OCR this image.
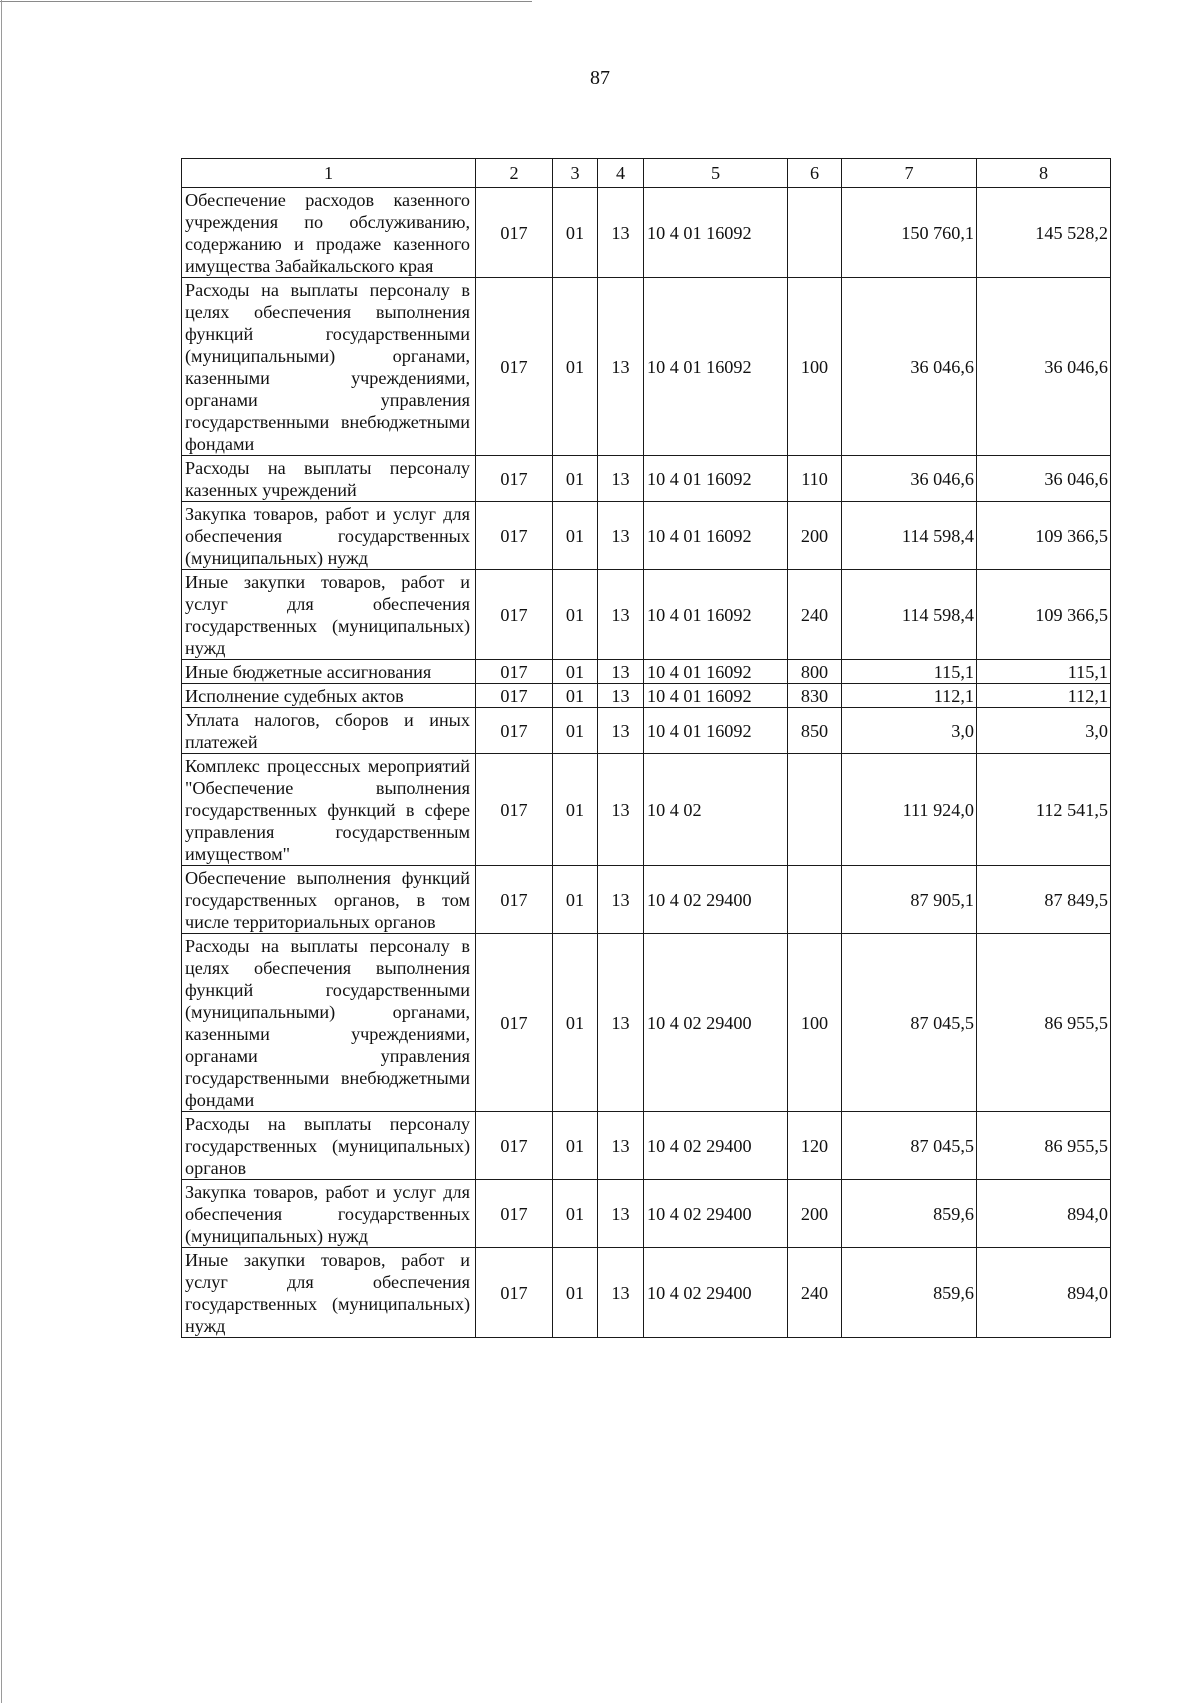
87
1	2	3	4	5	6	7	8
Обеспечение расходов казенного учреждения по обслуживанию, содержанию и продаже казенного имущества Забайкальского края	017	01	13	10 4 01 16092		150 760,1	145 528,2
Расходы на выплаты персоналу в целях обеспечения выполнения функций государственными (муниципальными) органами, казенными учреждениями, органами управления государственными внебюджетными фондами	017	01	13	10 4 01 16092	100	36 046,6	36 046,6
Расходы на выплаты персоналу казенных учреждений	017	01	13	10 4 01 16092	110	36 046,6	36 046,6
Закупка товаров, работ и услуг для обеспечения государственных (муниципальных) нужд	017	01	13	10 4 01 16092	200	114 598,4	109 366,5
Иные закупки товаров, работ и услуг для обеспечения государственных (муниципальных) нужд	017	01	13	10 4 01 16092	240	114 598,4	109 366,5
Иные бюджетные ассигнования	017	01	13	10 4 01 16092	800	115,1	115,1
Исполнение судебных актов	017	01	13	10 4 01 16092	830	112,1	112,1
Уплата налогов, сборов и иных платежей	017	01	13	10 4 01 16092	850	3,0	3,0
Комплекс процессных мероприятий "Обеспечение выполнения государственных функций в сфере управления государственным имуществом"	017	01	13	10 4 02		111 924,0	112 541,5
Обеспечение выполнения функций государственных органов, в том числе территориальных органов	017	01	13	10 4 02 29400		87 905,1	87 849,5
Расходы на выплаты персоналу в целях обеспечения выполнения функций государственными (муниципальными) органами, казенными учреждениями, органами управления государственными внебюджетными фондами	017	01	13	10 4 02 29400	100	87 045,5	86 955,5
Расходы на выплаты персоналу государственных (муниципальных) органов	017	01	13	10 4 02 29400	120	87 045,5	86 955,5
Закупка товаров, работ и услуг для обеспечения государственных (муниципальных) нужд	017	01	13	10 4 02 29400	200	859,6	894,0
Иные закупки товаров, работ и услуг для обеспечения государственных (муниципальных) нужд	017	01	13	10 4 02 29400	240	859,6	894,0
